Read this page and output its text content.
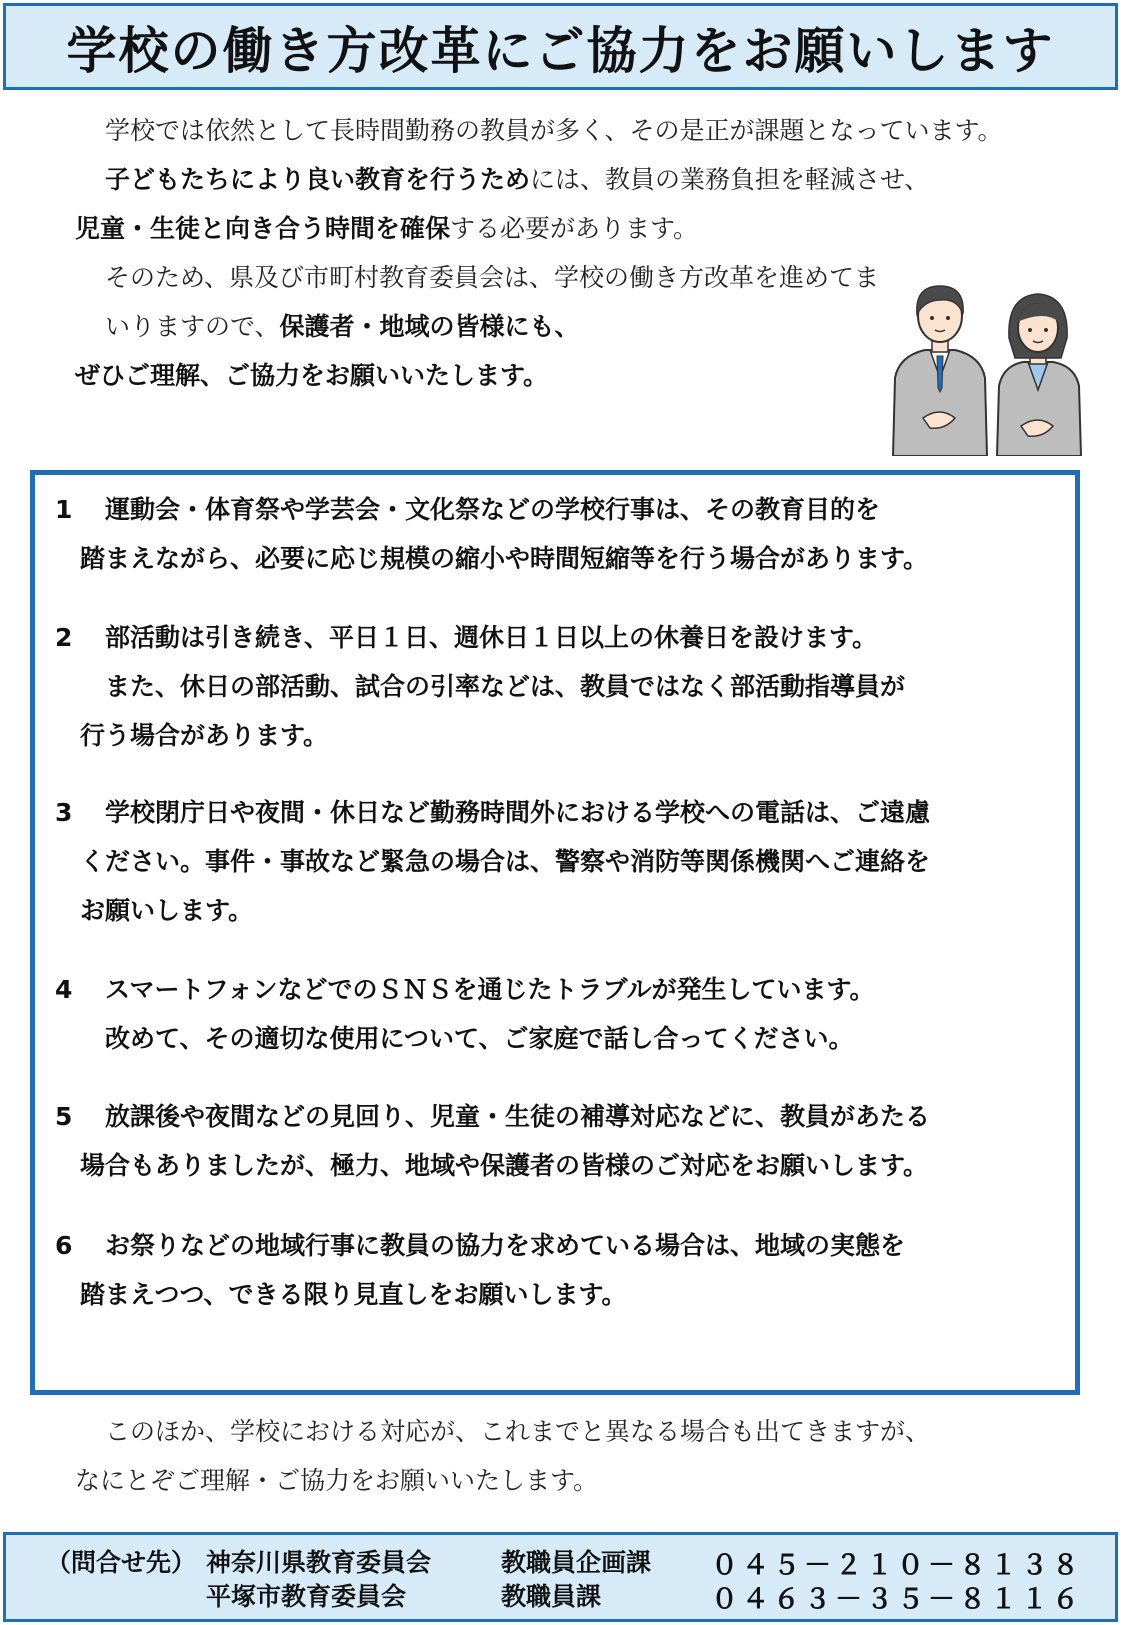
学校の働き方改革にご協力をお願いします

学校では依然として長時間勤務の教員が多く、その是正が課題となっています。

子どもたちにより良い教育を行うためには、教員の業務負担を軽減させ、

児童・生徒と向き合う時間を確保する必要があります。

そのため、県及び市町村教育委員会は、学校の働き方改革を進めてまいりますので、保護者・地域の皆様にも、

ぜひご理解、ご協力をお願いいたします。

1 運動会・体育祭や学芸会・文化祭などの学校行事は、その教育目的を
踏まえながら、必要に応じ規模の縮小や時間短縮等を行う場合があります。
2 部活動は引き続き、平日１日、週休日１日以上の休養日を設けます。
また、休日の部活動、試合の引率などは、教員ではなく部活動指導員が
行う場合があります。
3 学校閉庁日や夜間・休日など勤務時間外における学校への電話は、ご遠慮
ください。事件・事故など緊急の場合は、警察や消防等関係機関へご連絡を
お願いします。
4 スマートフォンなどでのＳＮＳを通じたトラブルが発生しています。
改めて、その適切な使用について、ご家庭で話し合ってください。
5 放課後や夜間などの見回り、児童・生徒の補導対応などに、教員があたる
場合もありましたが、極力、地域や保護者の皆様のご対応をお願いします。
6 お祭りなどの地域行事に教員の協力を求めている場合は、地域の実態を
踏まえつつ、できる限り見直しをお願いします。

このほか、学校における対応が、これまでと異なる場合も出てきますが、

なにとぞご理解・ご協力をお願いいたします。

（問合せ先） 神奈川県教育委員会	教職員企画課 ０４５－２１０－８１３８
平塚市教育委員会	教職員課	０４６３－３５－８１１６
